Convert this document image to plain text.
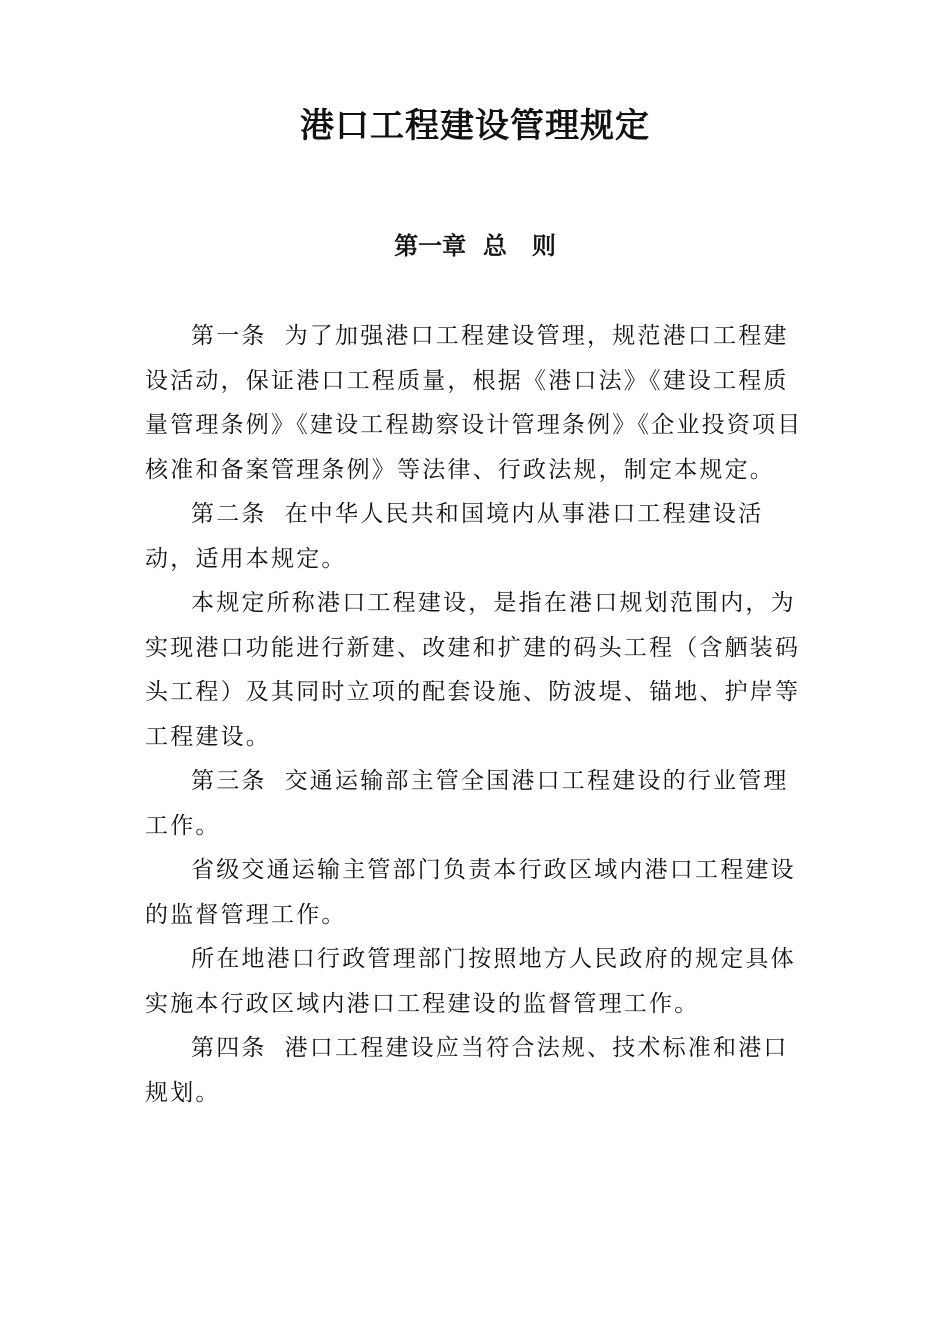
港口工程建设管理规定
第一章  总   则

第一条 为了加强港口工程建设管理，规范港口工程建设活动，保证港口工程质量，根据《港口法》《建设工程质量管理条例》《建设工程勘察设计管理条例》《企业投资项目核准和备案管理条例》等法律、行政法规，制定本规定。

第二条 在中华人民共和国境内从事港口工程建设活动，适用本规定。

本规定所称港口工程建设，是指在港口规划范围内，为实现港口功能进行新建、改建和扩建的码头工程（含舾装码头工程）及其同时立项的配套设施、防波堤、锚地、护岸等工程建设。

第三条 交通运输部主管全国港口工程建设的行业管理工作。

省级交通运输主管部门负责本行政区域内港口工程建设的监督管理工作。

所在地港口行政管理部门按照地方人民政府的规定具体实施本行政区域内港口工程建设的监督管理工作。

第四条 港口工程建设应当符合法规、技术标准和港口规划。
